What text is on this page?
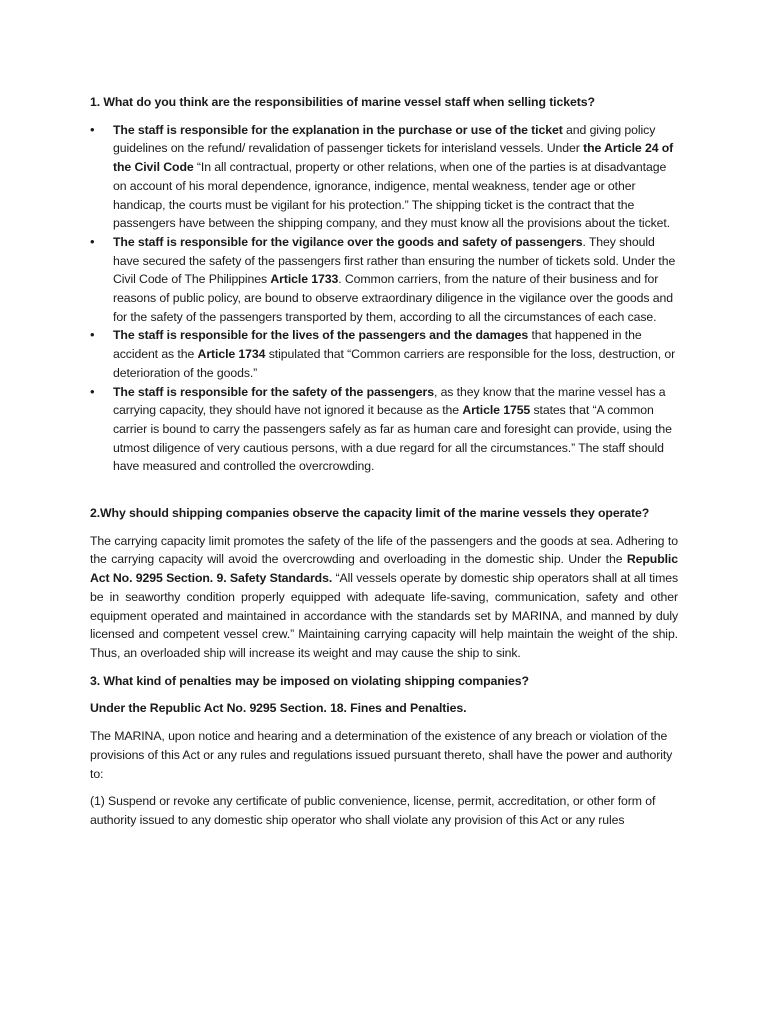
1. What do you think are the responsibilities of marine vessel staff when selling tickets?

• The staff is responsible for the explanation in the purchase or use of the ticket and giving policy guidelines on the refund/ revalidation of passenger tickets for interisland vessels. Under the Article 24 of the Civil Code “In all contractual, property or other relations, when one of the parties is at disadvantage on account of his moral dependence, ignorance, indigence, mental weakness, tender age or other handicap, the courts must be vigilant for his protection.” The shipping ticket is the contract that the passengers have between the shipping company, and they must know all the provisions about the ticket.
• The staff is responsible for the vigilance over the goods and safety of passengers. They should have secured the safety of the passengers first rather than ensuring the number of tickets sold. Under the Civil Code of The Philippines Article 1733. Common carriers, from the nature of their business and for reasons of public policy, are bound to observe extraordinary diligence in the vigilance over the goods and for the safety of the passengers transported by them, according to all the circumstances of each case.
• The staff is responsible for the lives of the passengers and the damages that happened in the accident as the Article 1734 stipulated that “Common carriers are responsible for the loss, destruction, or deterioration of the goods.”
• The staff is responsible for the safety of the passengers, as they know that the marine vessel has a carrying capacity, they should have not ignored it because as the Article 1755 states that “A common carrier is bound to carry the passengers safely as far as human care and foresight can provide, using the utmost diligence of very cautious persons, with a due regard for all the circumstances.” The staff should have measured and controlled the overcrowding.

2.Why should shipping companies observe the capacity limit of the marine vessels they operate?

The carrying capacity limit promotes the safety of the life of the passengers and the goods at sea. Adhering to the carrying capacity will avoid the overcrowding and overloading in the domestic ship. Under the Republic Act No. 9295 Section. 9. Safety Standards. “All vessels operate by domestic ship operators shall at all times be in seaworthy condition properly equipped with adequate life-saving, communication, safety and other equipment operated and maintained in accordance with the standards set by MARINA, and manned by duly licensed and competent vessel crew.” Maintaining carrying capacity will help maintain the weight of the ship. Thus, an overloaded ship will increase its weight and may cause the ship to sink.

3. What kind of penalties may be imposed on violating shipping companies?

Under the Republic Act No. 9295 Section. 18. Fines and Penalties.

The MARINA, upon notice and hearing and a determination of the existence of any breach or violation of the provisions of this Act or any rules and regulations issued pursuant thereto, shall have the power and authority to:

(1) Suspend or revoke any certificate of public convenience, license, permit, accreditation, or other form of authority issued to any domestic ship operator who shall violate any provision of this Act or any rules
